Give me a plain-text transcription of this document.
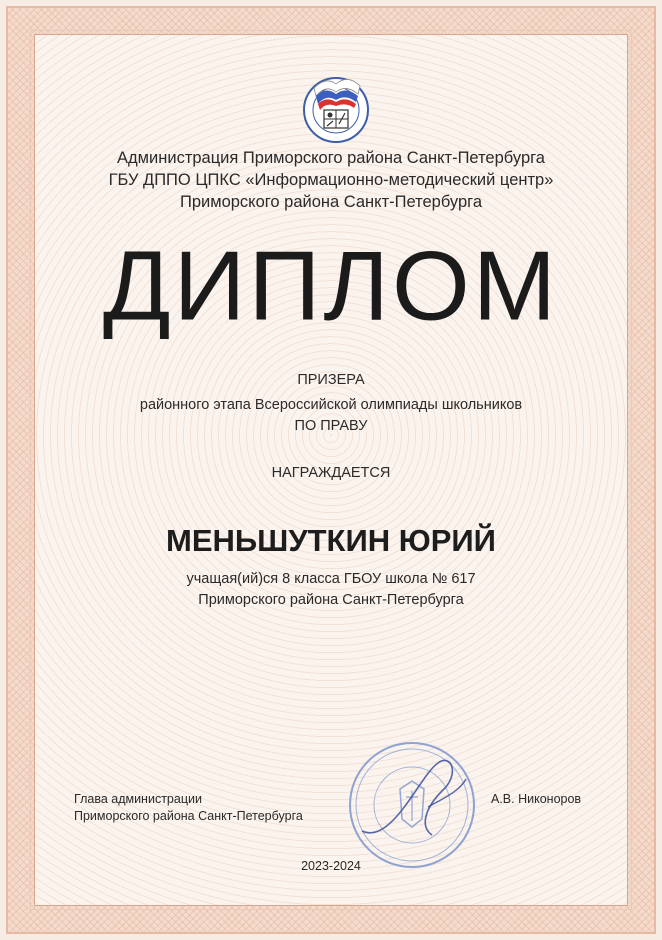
Администрация Приморского района Санкт-Петербурга
ГБУ ДППО ЦПКС «Информационно-методический центр»
Приморского района Санкт-Петербурга
ДИПЛОМ
ПРИЗЕРА
районного этапа Всероссийской олимпиады школьников
ПО ПРАВУ
НАГРАЖДАЕТСЯ
МЕНЬШУТКИН ЮРИЙ
учащая(ий)ся 8 класса ГБОУ школа № 617
Приморского района Санкт-Петербурга
Глава администрации
Приморского района Санкт-Петербурга
А.В. Никоноров
2023-2024
